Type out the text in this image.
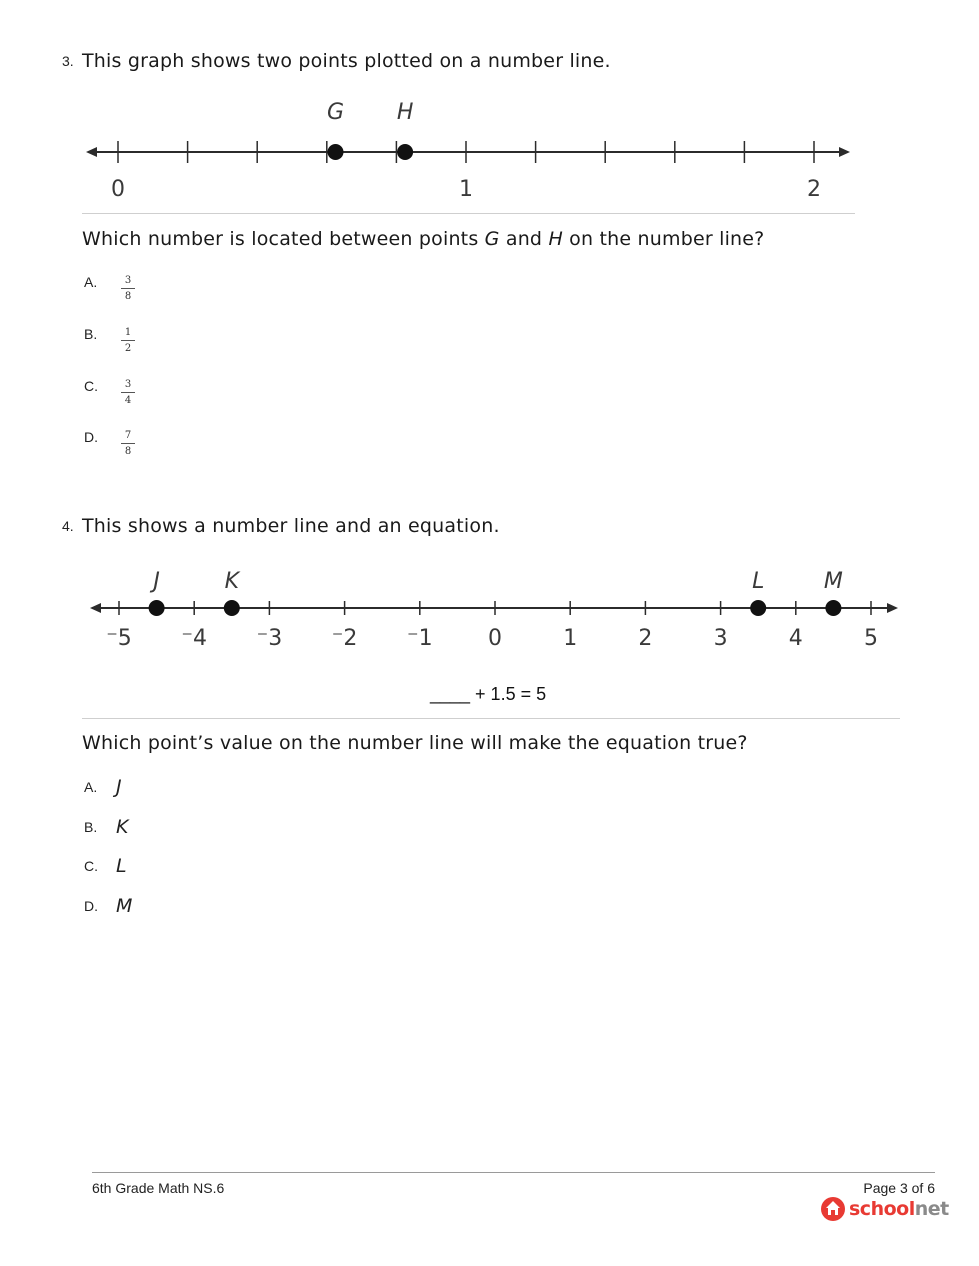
3. This graph shows two points plotted on a number line.
0	1	2
G H
Which number is located between points G and H on the number line?
A. $\frac{3}{8}$
B. $\frac{1}{2}$
C. $\frac{3}{4}$
D. $\frac{7}{8}$
4. This shows a number line and an equation.
⁻5 ⁻4 ⁻3 ⁻2 ⁻1	0	1	2	3	4	5
J	K	L	M
____ + 1.5 = 5
Which point’s value on the number line will make the equation true?
A. J
B. K
C. L
D. M
6th Grade Math NS.6	Page 3 of 6
school net
